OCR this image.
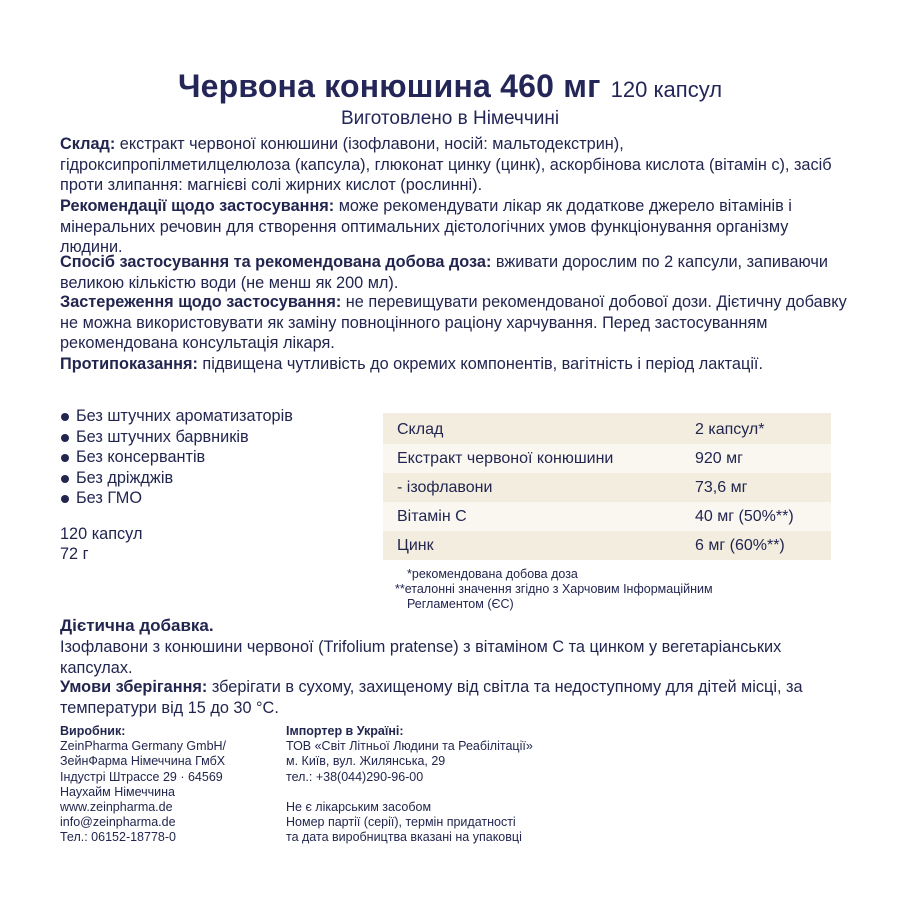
Червона конюшина 460 мг 120 капсул
Виготовлено в Німеччині

Склад: екстракт червоної конюшини (ізофлавони, носій: мальтодекстрин), гідроксипропілметилцелюлоза (капсула), глюконат цинку (цинк), аскорбінова кислота (вітамін с), засіб проти злипання: магнієві солі жирних кислот (рослинні).

Рекомендації щодо застосування: може рекомендувати лікар як додаткове джерело вітамінів і мінеральних речовин для створення оптимальних дієтологічних умов функціонування організму людини.

Спосіб застосування та рекомендована добова доза: вживати дорослим по 2 капсули, запиваючи великою кількістю води (не менш як 200 мл).

Застереження щодо застосування: не перевищувати рекомендованої добової дози. Дієтичну добавку не можна використовувати як заміну повноцінного раціону харчування. Перед застосуванням рекомендована консультація лікаря.

Протипоказання: підвищена чутливість до окремих компонентів, вагітність і період лактації.

Без штучних ароматизаторів
Без штучних барвників
Без консервантів
Без дріжджів
Без ГМО
120 капсул
72 г
Склад	2 капсул*
Екстракт червоної конюшини	920 мг
- ізофлавони	73,6 мг
Вітамін С	40 мг (50%**)
Цинк	6 мг (60%**)
*рекомендована добова доза
**еталонні значення згідно з Харчовим Інформаційним
Регламентом (ЄС)
Дієтична добавка.

Ізофлавони з конюшини червоної (Trifolium pratense) з вітаміном С та цинком у вегетаріанських капсулах.

Умови зберігання: зберігати в сухому, захищеному від світла та недоступному для дітей місці, за температури від 15 до 30 °С.

Виробник:
ZeinPharma Germany GmbH/
ЗейнФарма Німеччина ГмбХ
Індустрі Штрассе 29 · 64569
Наухайм Німеччина
www.zeinpharma.de
info@zeinpharma.de
Тел.: 06152-18778-0
Імпортер в Україні:
ТОВ «Світ Літньої Людини та Реабілітації»
м. Київ, вул. Жилянська, 29
тел.: +38(044)290-96-00
Не є лікарським засобом
Номер партії (серії), термін придатності
та дата виробництва вказані на упаковці
